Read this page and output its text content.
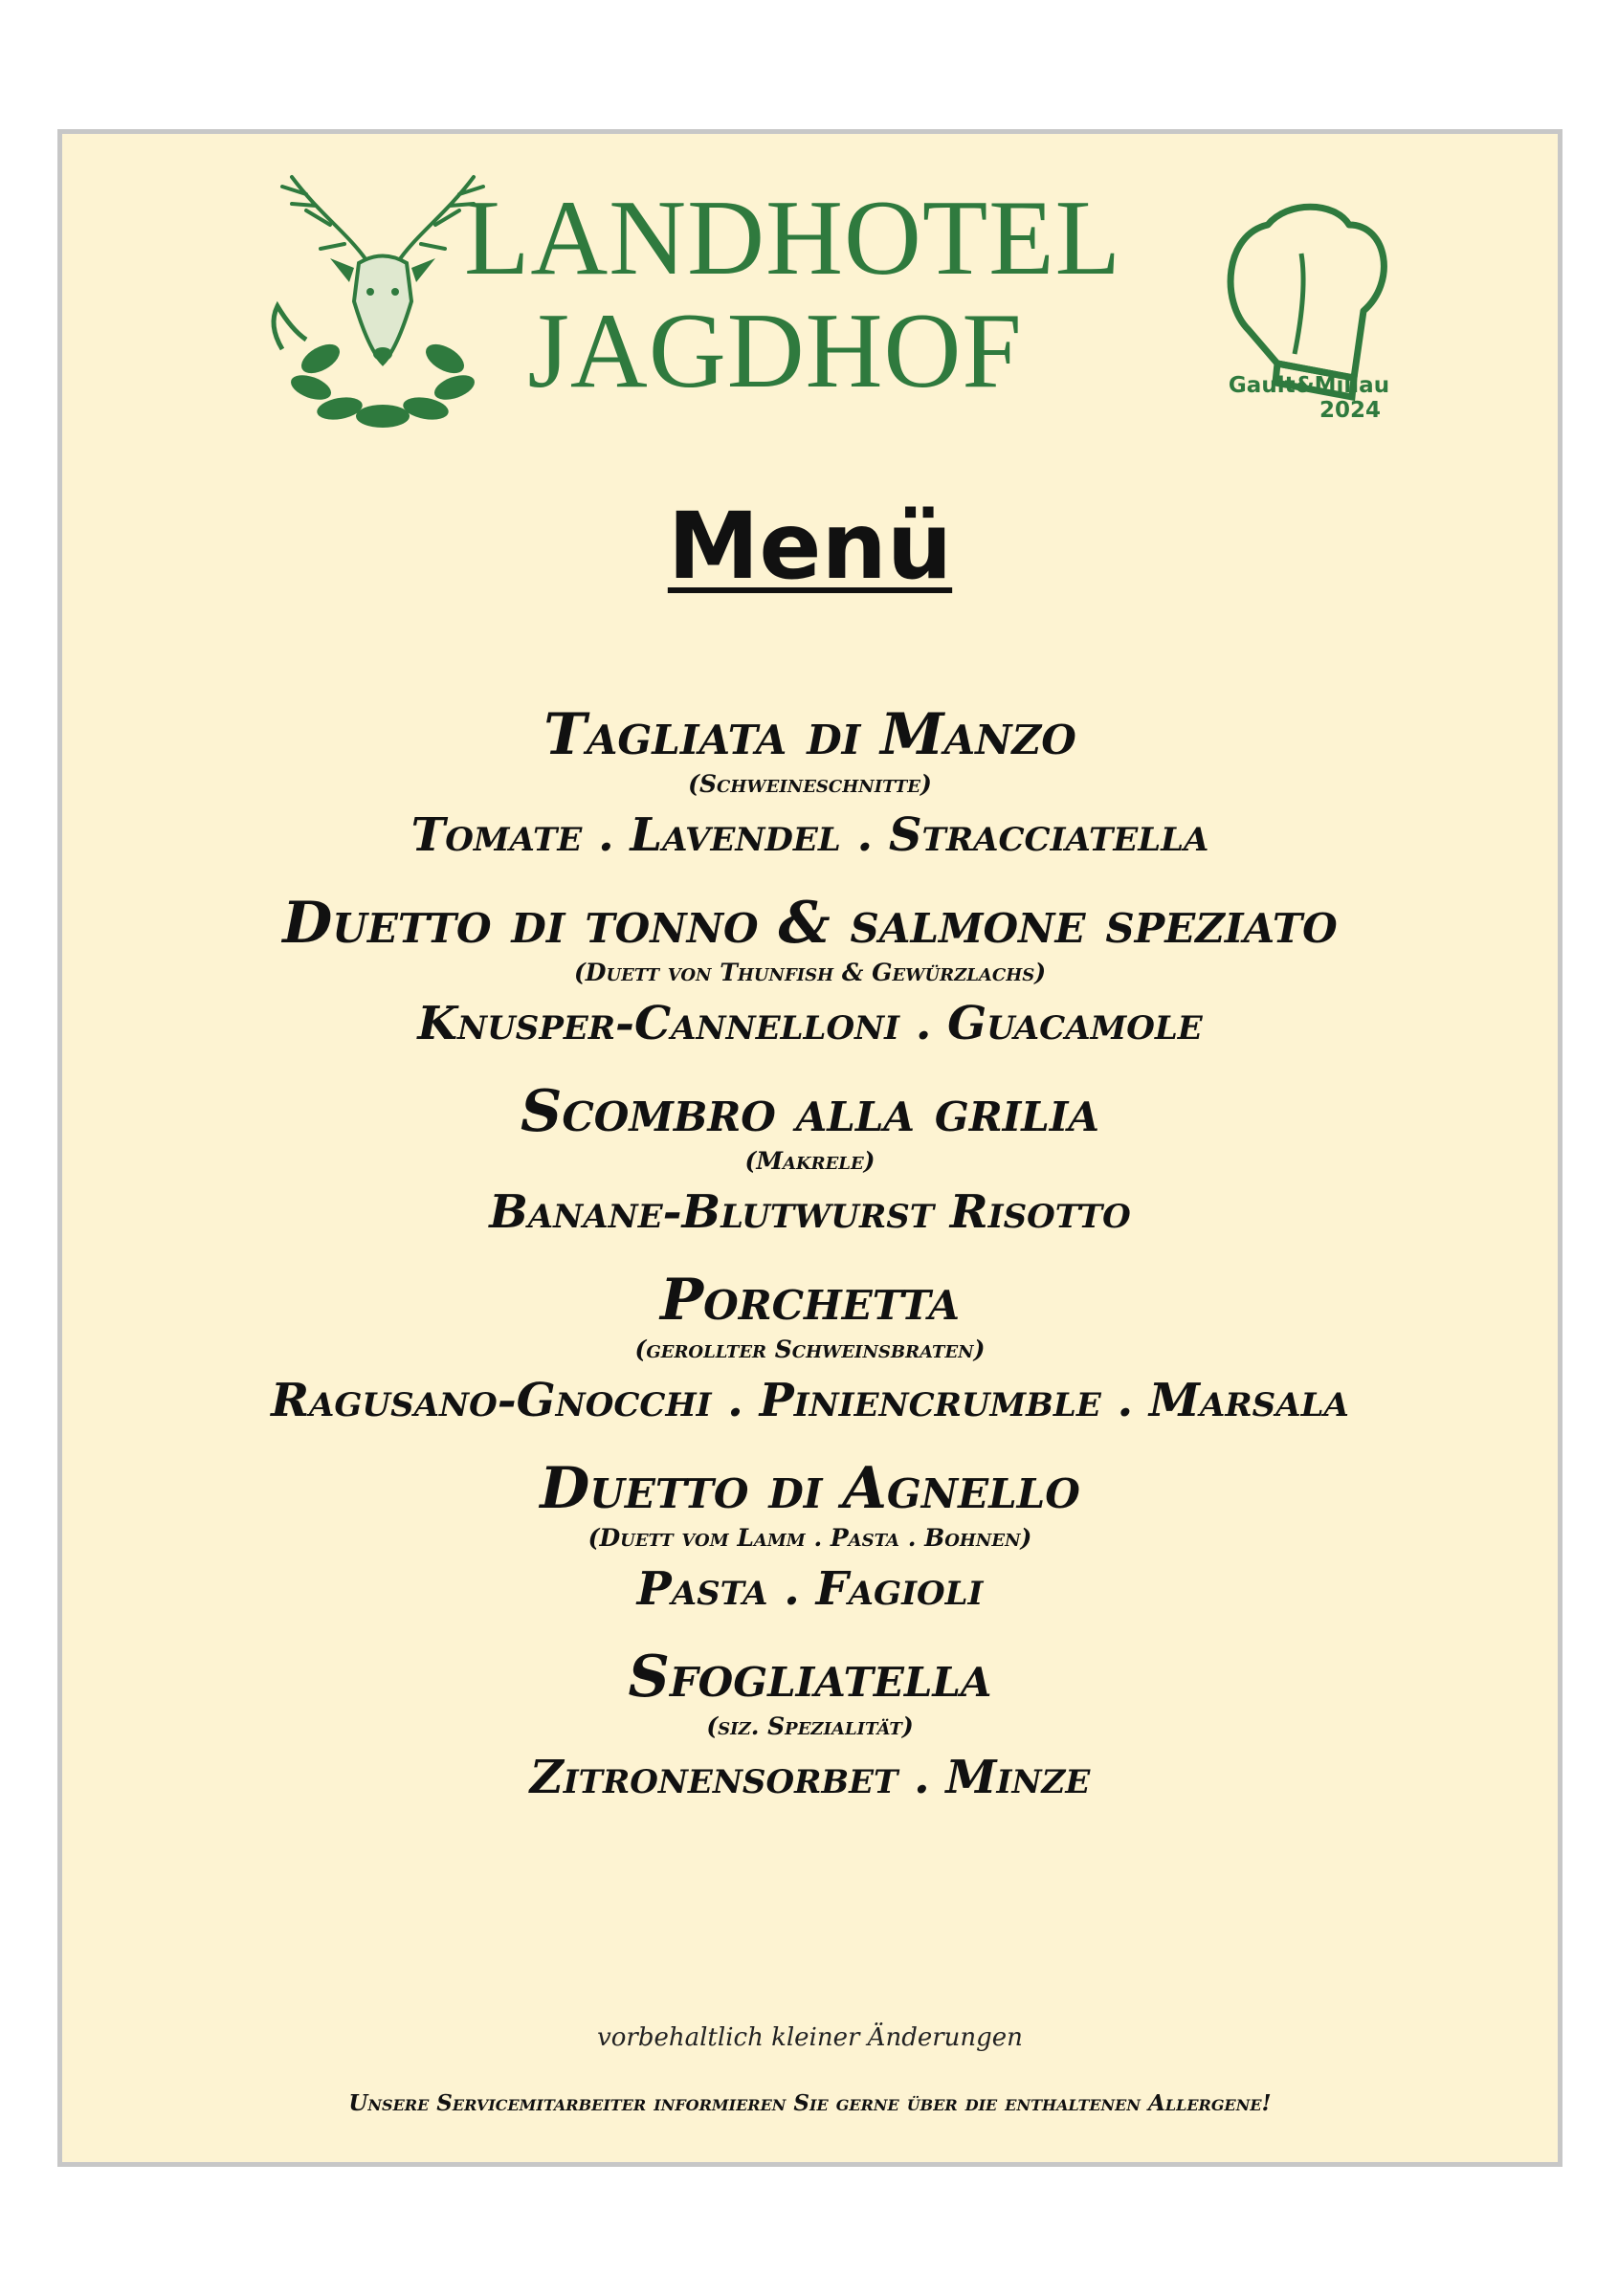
LANDHOTEL
JAGDHOF	Gault&Millau
2024
Menü
Tagliata di Manzo
(Schweineschnitte)
Tomate . Lavendel . Stracciatella
Duetto di tonno & salmone speziato
(Duett von Thunfish & Gewürzlachs)
Knusper-Cannelloni . Guacamole
Scombro alla grilia
(Makrele)
Banane-Blutwurst Risotto
Porchetta
(gerollter Schweinsbraten)
Ragusano-Gnocchi . Piniencrumble . Marsala
Duetto di Agnello
(Duett vom Lamm . Pasta . Bohnen)
Pasta . Fagioli
Sfogliatella
(siz. Spezialität)
Zitronensorbet . Minze
vorbehaltlich kleiner Änderungen
Unsere Servicemitarbeiter informieren Sie gerne über die enthaltenen Allergene!
